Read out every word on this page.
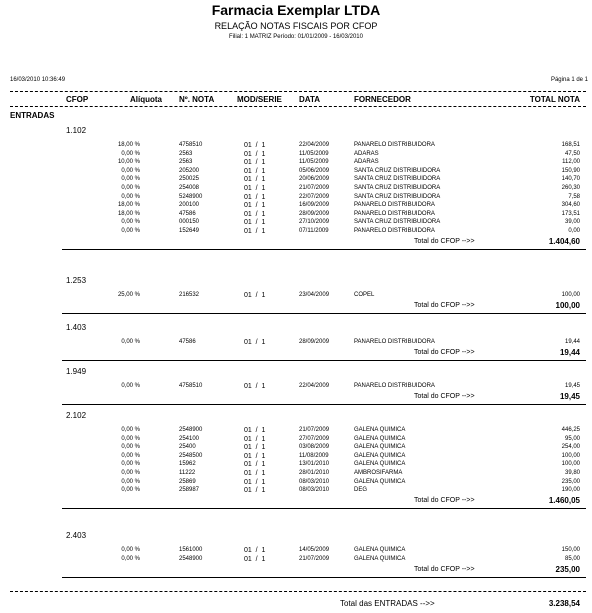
Farmacia Exemplar LTDA
RELAÇÃO NOTAS FISCAIS POR CFOP
Filial: 1 MATRIZ Período: 01/01/2009 - 16/03/2010
16/03/2010 10:36:49	Página 1 de 1
CFOP	Alíquota Nº. NOTA	MOD/SERIE DATA	FORNECEDOR	TOTAL NOTA
ENTRADAS
1.102
18,00 %	4758510	01  /  1	22/04/2009	PANARELO DISTRIBUIDORA	168,51
0,00 %	2563	01  /  1	11/05/2009	ADARAS	47,50
10,00 %	2563	01  /  1	11/05/2009	ADARAS	112,00
0,00 %	205200	01  /  1	05/06/2009	SANTA CRUZ DISTRIBUIDORA	150,90
0,00 %	250025	01  /  1	20/06/2009	SANTA CRUZ DISTRIBUIDORA	140,70
0,00 %	254008	01  /  1	21/07/2009	SANTA CRUZ DISTRIBUIDORA	260,30
0,00 %	5248900	01  /  1	22/07/2009	SANTA CRUZ DISTRIBUIDORA	7,58
18,00 %	200100	01  /  1	16/09/2009	PANARELO DISTRIBUIDORA	304,60
18,00 %	47586	01  /  1	28/09/2009	PANARELO DISTRIBUIDORA	173,51
0,00 %	000150	01  /  1	27/10/2009	SANTA CRUZ DISTRIBUIDORA	39,00
0,00 %	152649	01  /  1	07/11/2009	PANARELO DISTRIBUIDORA	0,00
Total do CFOP -->>	1.404,60
1.253
25,00 %	216532	01  /  1	23/04/2009	COPEL	100,00
Total do CFOP -->>	100,00
1.403
0,00 %	47586	01  /  1	28/09/2009	PANARELO DISTRIBUIDORA	19,44
Total do CFOP -->>	19,44
1.949
0,00 %	4758510	01  /  1	22/04/2009	PANARELO DISTRIBUIDORA	19,45
Total do CFOP -->>	19,45
2.102
0,00 %	2548900	01  /  1	21/07/2009	GALENA QUIMICA	446,25
0,00 %	254100	01  /  1	27/07/2009	GALENA QUIMICA	95,00
0,00 %	25400	01  /  1	03/08/2009	GALENA QUIMICA	254,00
0,00 %	2548500	01  /  1	11/08/2009	GALENA QUIMICA	100,00
0,00 %	15962	01  /  1	13/01/2010	GALENA QUIMICA	100,00
0,00 %	11222	01  /  1	28/01/2010	AMBROSIFARMA	39,80
0,00 %	25869	01  /  1	08/03/2010	GALENA QUIMICA	235,00
0,00 %	258987	01  /  1	08/03/2010	DEG	190,00
Total do CFOP -->>	1.460,05
2.403
0,00 %	1561000	01  /  1	14/05/2009	GALENA QUIMICA	150,00
0,00 %	2548900	01  /  1	21/07/2009	GALENA QUIMICA	85,00
Total do CFOP -->>	235,00
Total das ENTRADAS -->>	3.238,54
